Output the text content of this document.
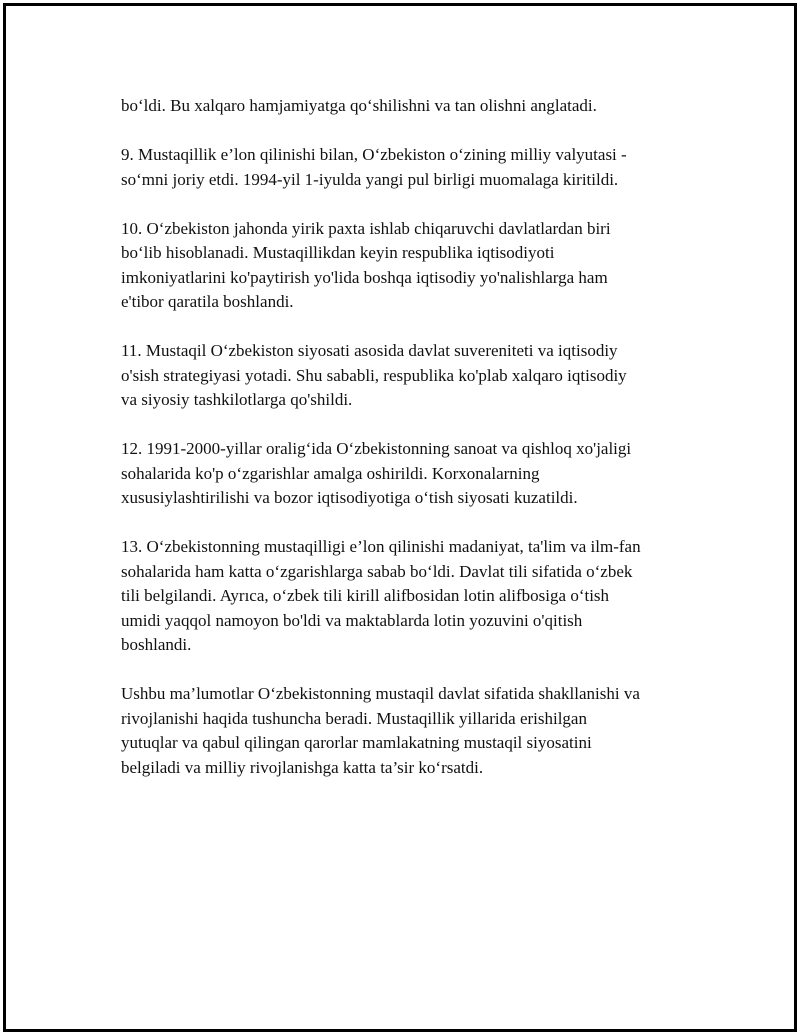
bo‘ldi. Bu xalqaro hamjamiyatga qo‘shilishni va tan olishni anglatadi.

9. Mustaqillik e’lon qilinishi bilan, O‘zbekiston o‘zining milliy valyutasi -
so‘mni joriy etdi. 1994-yil 1-iyulda yangi pul birligi muomalaga kiritildi.

10. O‘zbekiston jahonda yirik paxta ishlab chiqaruvchi davlatlardan biri
bo‘lib hisoblanadi. Mustaqillikdan keyin respublika iqtisodiyoti
imkoniyatlarini ko'paytirish yo'lida boshqa iqtisodiy yo'nalishlarga ham
e'tibor qaratila boshlandi.

11. Mustaqil O‘zbekiston siyosati asosida davlat suvereniteti va iqtisodiy
o'sish strategiyasi yotadi. Shu sababli, respublika ko'plab xalqaro iqtisodiy
va siyosiy tashkilotlarga qo'shildi.

12. 1991-2000-yillar oralig‘ida O‘zbekistonning sanoat va qishloq xo'jaligi
sohalarida ko'p o‘zgarishlar amalga oshirildi. Korxonalarning
xususiylashtirilishi va bozor iqtisodiyotiga o‘tish siyosati kuzatildi.

13. O‘zbekistonning mustaqilligi e’lon qilinishi madaniyat, ta'lim va ilm-fan
sohalarida ham katta o‘zgarishlarga sabab bo‘ldi. Davlat tili sifatida o‘zbek
tili belgilandi. Ayrıca, o‘zbek tili kirill alifbosidan lotin alifbosiga o‘tish
umidi yaqqol namoyon bo'ldi va maktablarda lotin yozuvini o'qitish
boshlandi.

Ushbu ma’lumotlar O‘zbekistonning mustaqil davlat sifatida shakllanishi va
rivojlanishi haqida tushuncha beradi. Mustaqillik yillarida erishilgan
yutuqlar va qabul qilingan qarorlar mamlakatning mustaqil siyosatini
belgiladi va milliy rivojlanishga katta ta’sir ko‘rsatdi.
